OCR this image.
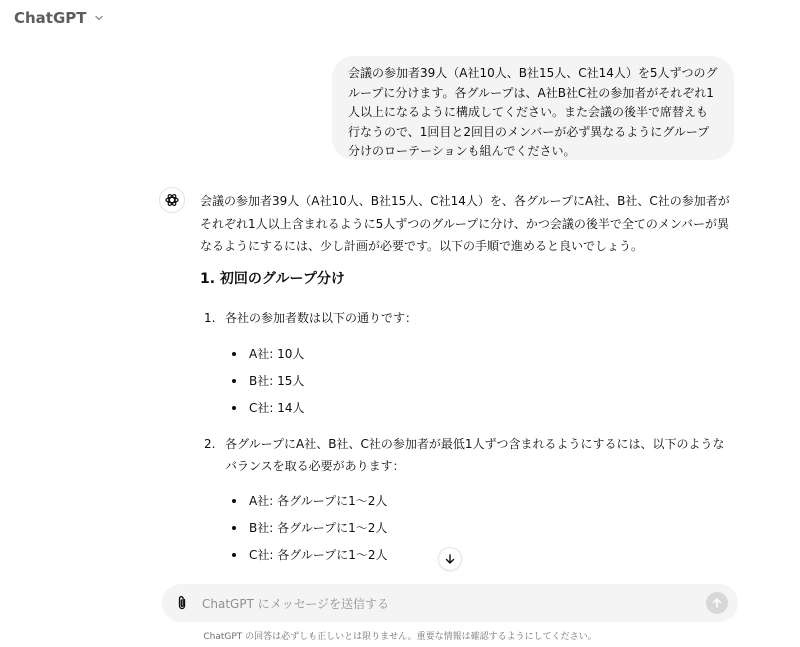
ChatGPT
会議の参加者39人（A社10人、B社15人、C社14人）を5人ずつのグループに分けます。各グループは、A社B社C社の参加者がそれぞれ1人以上になるように構成してください。また会議の後半で席替えも行なうので、1回目と2回目のメンバーが必ず異なるようにグループ分けのローテーションも組んでください。

会議の参加者39人（A社10人、B社15人、C社14人）を、各グループにA社、B社、C社の参加者がそれぞれ1人以上含まれるように5人ずつのグループに分け、かつ会議の後半で全てのメンバーが異なるようにするには、少し計画が必要です。以下の手順で進めると良いでしょう。

1. 初回のグループ分け
1. 各社の参加者数は以下の通りです：
A社: 10人
B社: 15人
C社: 14人
2. 各グループにA社、B社、C社の参加者が最低1人ずつ含まれるようにするには、以下のようなバランスを取る必要があります：
A社: 各グループに1〜2人
B社: 各グループに1〜2人
C社: 各グループに1〜2人
ChatGPT にメッセージを送信する
ChatGPT の回答は必ずしも正しいとは限りません。重要な情報は確認するようにしてください。
